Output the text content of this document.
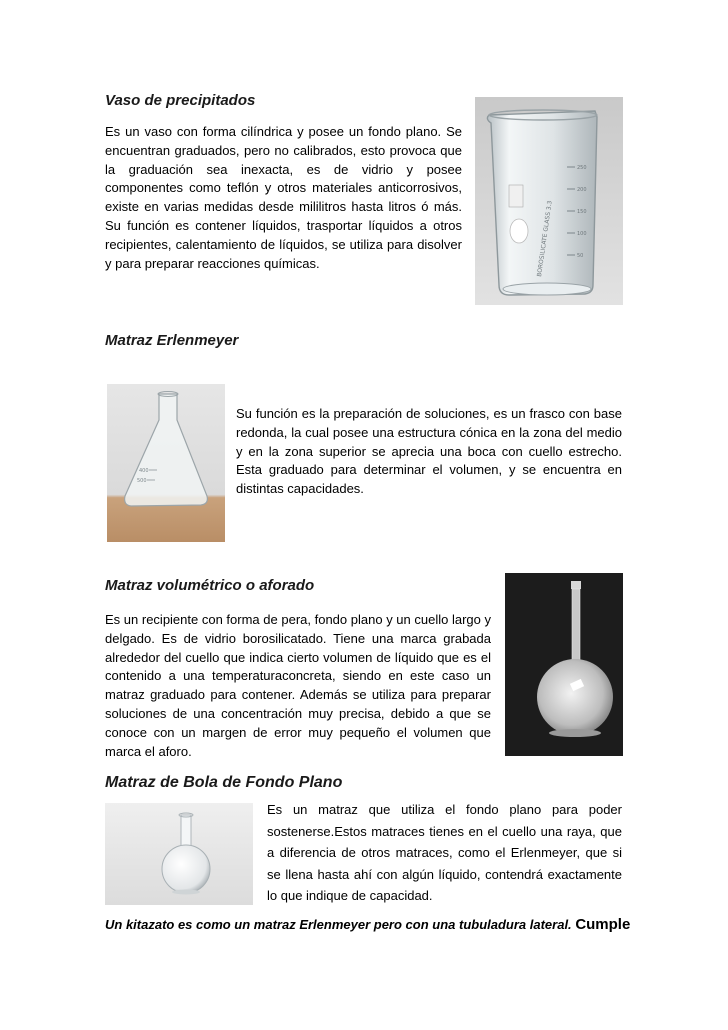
Vaso de precipitados

Es un vaso con forma cilíndrica y posee un fondo plano. Se encuentran graduados, pero no calibrados, esto provoca que la graduación sea inexacta, es de vidrio y posee componentes como teflón y otros materiales anticorrosivos, existe en varias medidas desde mililitros hasta litros ó más. Su función es contener líquidos, trasportar líquidos a otros recipientes, calentamiento de líquidos, se utiliza para disolver y para preparar reacciones químicas.

250
200
150
100
50
BOROSILICATE GLASS 3.3
Matraz Erlenmeyer
500
400

Su función es la preparación de soluciones, es un frasco con base redonda, la cual posee una estructura cónica en la zona del medio y en la zona superior se aprecia una boca con cuello estrecho. Esta graduado para determinar el volumen, y se encuentra en distintas capacidades.

Matraz volumétrico o aforado

Es un recipiente con forma de pera, fondo plano y un cuello largo y delgado. Es de vidrio borosilicatado. Tiene una marca grabada alrededor del cuello que indica cierto volumen de líquido que es el contenido a una temperaturaconcreta, siendo en este caso un matraz graduado para contener. Además se utiliza para preparar soluciones de una concentración muy precisa, debido a que se conoce con un margen de error muy pequeño el volumen que marca el aforo.

Matraz de Bola de Fondo Plano

Es un matraz que utiliza el fondo plano para poder sostenerse.Estos matraces tienes en el cuello una raya, que a diferencia de otros matraces, como el Erlenmeyer, que si se llena hasta ahí con algún líquido, contendrá exactamente lo que indique de capacidad.

Un kitazato es como un matraz Erlenmeyer pero con una tubuladura lateral. Cumple
